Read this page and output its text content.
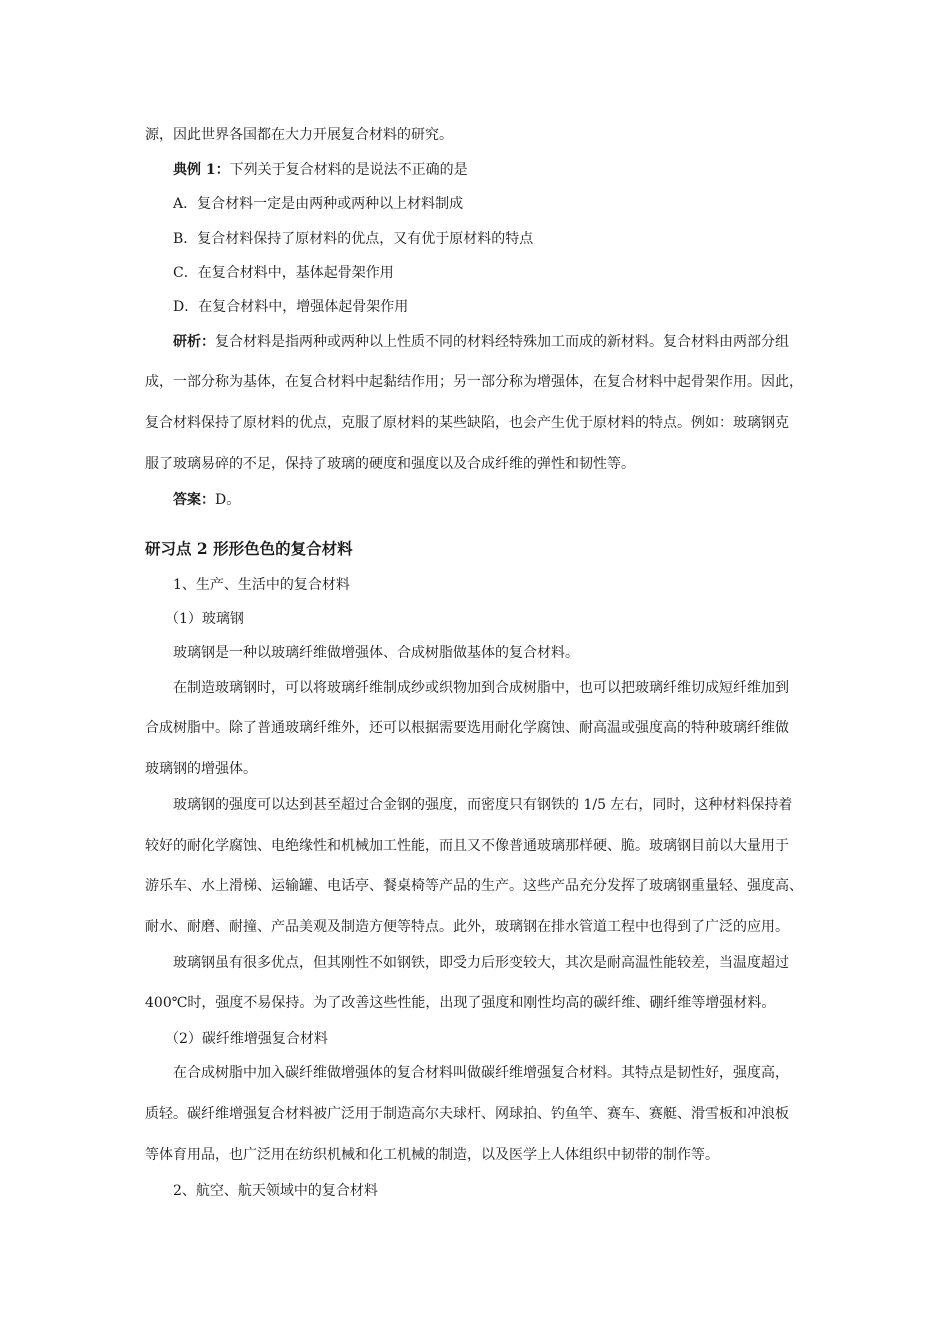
源，因此世界各国都在大力开展复合材料的研究。
典例 1：下列关于复合材料的是说法不正确的是
A．复合材料一定是由两种或两种以上材料制成
B．复合材料保持了原材料的优点，又有优于原材料的特点
C．在复合材料中，基体起骨架作用
D．在复合材料中，增强体起骨架作用
研析：复合材料是指两种或两种以上性质不同的材料经特殊加工而成的新材料。复合材料由两部分组
成，一部分称为基体，在复合材料中起黏结作用；另一部分称为增强体，在复合材料中起骨架作用。因此，
复合材料保持了原材料的优点，克服了原材料的某些缺陷，也会产生优于原材料的特点。例如：玻璃钢克
服了玻璃易碎的不足，保持了玻璃的硬度和强度以及合成纤维的弹性和韧性等。
答案：D。
研习点 2 形形色色的复合材料
1、生产、生活中的复合材料
（1）玻璃钢
玻璃钢是一种以玻璃纤维做增强体、合成树脂做基体的复合材料。
在制造玻璃钢时，可以将玻璃纤维制成纱或织物加到合成树脂中，也可以把玻璃纤维切成短纤维加到
合成树脂中。除了普通玻璃纤维外，还可以根据需要选用耐化学腐蚀、耐高温或强度高的特种玻璃纤维做
玻璃钢的增强体。
玻璃钢的强度可以达到甚至超过合金钢的强度，而密度只有钢铁的 1/5 左右，同时，这种材料保持着
较好的耐化学腐蚀、电绝缘性和机械加工性能，而且又不像普通玻璃那样硬、脆。玻璃钢目前以大量用于
游乐车、水上滑梯、运输罐、电话亭、餐桌椅等产品的生产。这些产品充分发挥了玻璃钢重量轻、强度高、
耐水、耐磨、耐撞、产品美观及制造方便等特点。此外，玻璃钢在排水管道工程中也得到了广泛的应用。
玻璃钢虽有很多优点，但其刚性不如钢铁，即受力后形变较大，其次是耐高温性能较差，当温度超过
400℃时，强度不易保持。为了改善这些性能，出现了强度和刚性均高的碳纤维、硼纤维等增强材料。
（2）碳纤维增强复合材料
在合成树脂中加入碳纤维做增强体的复合材料叫做碳纤维增强复合材料。其特点是韧性好，强度高，
质轻。碳纤维增强复合材料被广泛用于制造高尔夫球杆、网球拍、钓鱼竿、赛车、赛艇、滑雪板和冲浪板
等体育用品，也广泛用在纺织机械和化工机械的制造，以及医学上人体组织中韧带的制作等。
2、航空、航天领域中的复合材料
